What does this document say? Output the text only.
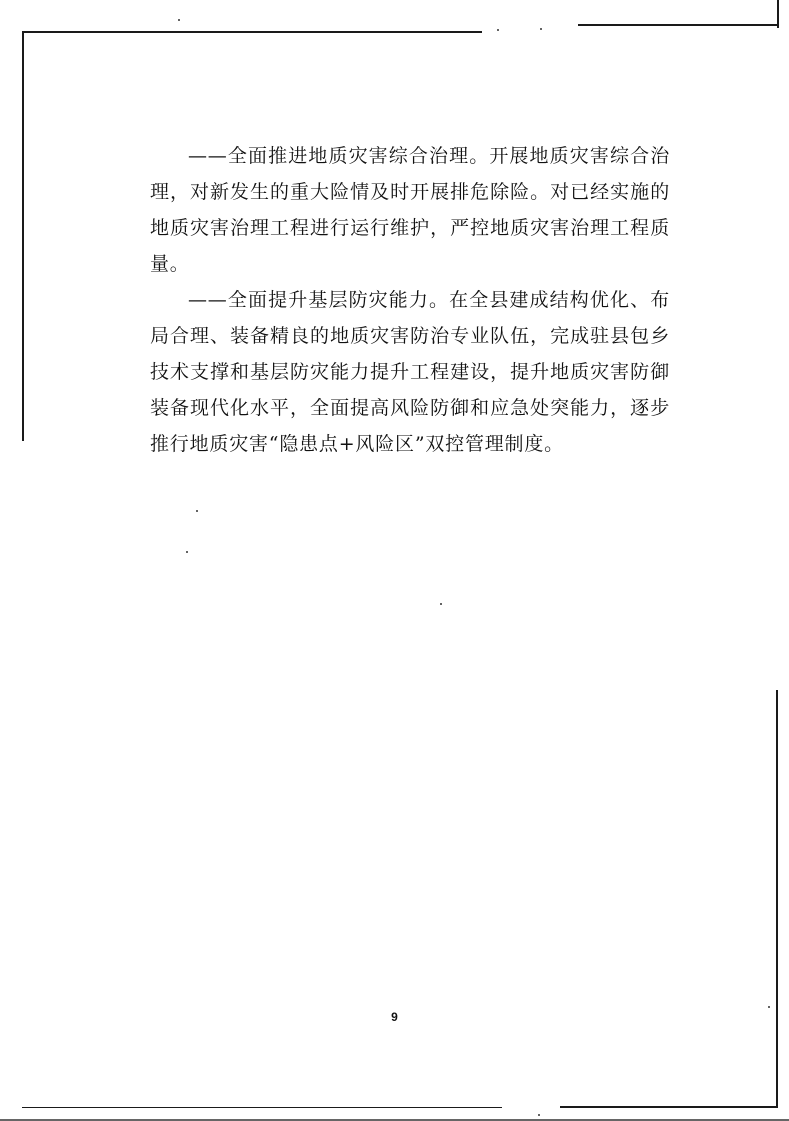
——全面推进地质灾害综合治理。开展地质灾害综合治理，对新发生的重大险情及时开展排危除险。对已经实施的地质灾害治理工程进行运行维护，严控地质灾害治理工程质量。

——全面提升基层防灾能力。在全县建成结构优化、布局合理、装备精良的地质灾害防治专业队伍，完成驻县包乡技术支撑和基层防灾能力提升工程建设，提升地质灾害防御装备现代化水平，全面提高风险防御和应急处突能力，逐步推行地质灾害“隐患点+风险区”双控管理制度。

9
